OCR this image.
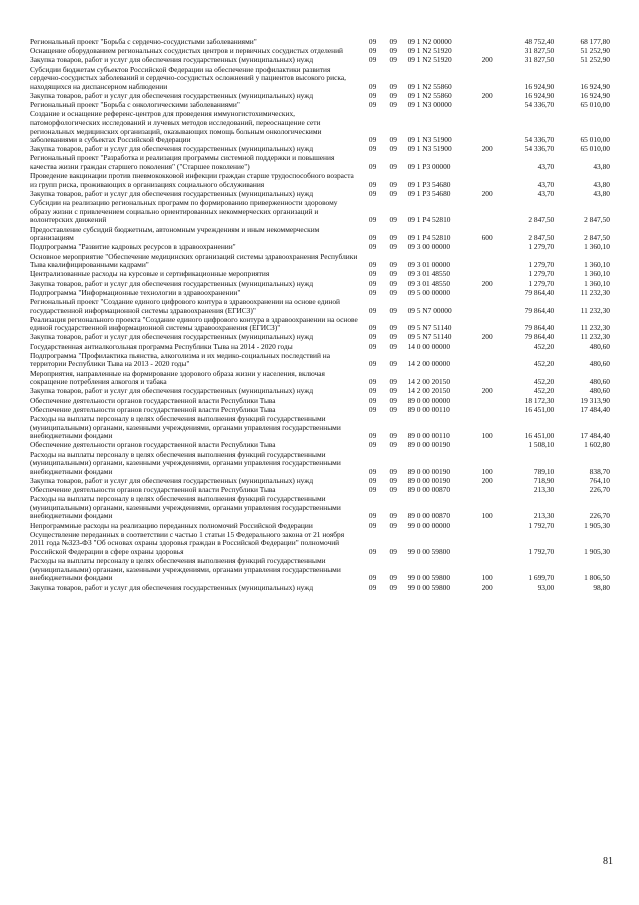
Региональный проект "Борьба с сердечно-сосудистыми заболеваниями"	09	09	09 1 N2 00000		48 752,40	68 177,80
Оснащение оборудованием региональных сосудистых центров и первичных сосудистых отделений	09	09	09 1 N2 51920		31 827,50	51 252,90
Закупка товаров, работ и услуг для обеспечения государственных (муниципальных) нужд	09	09	09 1 N2 51920	200	31 827,50	51 252,90
Субсидии бюджетам субъектов Российской Федерации на обеспечение профилактики развития сердечно-сосудистых заболеваний и сердечно-сосудистых осложнений у пациентов высокого риска, находящихся на диспансерном наблюдении	09	09	09 1 N2 55860		16 924,90	16 924,90
Закупка товаров, работ и услуг для обеспечения государственных (муниципальных) нужд	09	09	09 1 N2 55860	200	16 924,90	16 924,90
Региональный проект "Борьба с онкологическими заболеваниями"	09	09	09 1 N3 00000		54 336,70	65 010,00
Создание и оснащение референс-центров для проведения иммуногистохимических, патоморфологических исследований и лучевых методов исследований, переоснащение сети региональных медицинских организаций, оказывающих помощь больным онкологическими заболеваниями в субъектах Российской Федерации	09	09	09 1 N3 51900		54 336,70	65 010,00
Закупка товаров, работ и услуг для обеспечения государственных (муниципальных) нужд	09	09	09 1 N3 51900	200	54 336,70	65 010,00
Региональный проект "Разработка и реализация программы системной поддержки и повышения качества жизни граждан старшего поколения" ("Старшее поколение")	09	09	09 1 P3 00000		43,70	43,80
Проведение вакцинации против пневмококковой инфекции граждан старше трудоспособного возраста из групп риска, проживающих в организациях социального обслуживания	09	09	09 1 P3 54680		43,70	43,80
Закупка товаров, работ и услуг для обеспечения государственных (муниципальных) нужд	09	09	09 1 P3 54680	200	43,70	43,80
Субсидии на реализацию региональных программ по формированию приверженности здоровому образу жизни с привлечением социально ориентированных некоммерческих организаций и волонтерских движений	09	09	09 1 P4 52810		2 847,50	2 847,50
Предоставление субсидий бюджетным, автономным учреждениям и иным некоммерческим организациям	09	09	09 1 P4 52810	600	2 847,50	2 847,50
Подпрограмма "Развитие кадровых ресурсов в здравоохранении"	09	09	09 3 00 00000		1 279,70	1 360,10
Основное мероприятие "Обеспечение медицинских организаций системы здравоохранения Республики Тыва квалифицированными кадрами"	09	09	09 3 01 00000		1 279,70	1 360,10
Централизованные расходы на курсовые и сертификационные мероприятия	09	09	09 3 01 48550		1 279,70	1 360,10
Закупка товаров, работ и услуг для обеспечения государственных (муниципальных) нужд	09	09	09 3 01 48550	200	1 279,70	1 360,10
Подпрограмма "Информационные технологии в здравоохранении"	09	09	09 5 00 00000		79 864,40	11 232,30
Региональный проект "Создание единого цифрового контура в здравоохранении на основе единой государственной информационной системы здравоохранения (ЕГИСЗ)"	09	09	09 5 N7 00000		79 864,40	11 232,30
Реализация регионального проекта "Создание единого цифрового контура в здравоохранении на основе единой государственной информационной системы здравоохранения (ЕГИСЗ)"	09	09	09 5 N7 51140		79 864,40	11 232,30
Закупка товаров, работ и услуг для обеспечения государственных (муниципальных) нужд	09	09	09 5 N7 51140	200	79 864,40	11 232,30
Государственная антиалкогольная программа Республики Тыва на 2014 - 2020 годы	09	09	14 0 00 00000		452,20	480,60
Подпрограмма "Профилактика пьянства, алкоголизма и их медико-социальных последствий на территории Республики Тыва на 2013 - 2020 годы"	09	09	14 2 00 00000		452,20	480,60
Мероприятия, направленные на формирование здорового образа жизни у населения, включая сокращение потребления алкоголя и табака	09	09	14 2 00 20150		452,20	480,60
Закупка товаров, работ и услуг для обеспечения государственных (муниципальных) нужд	09	09	14 2 00 20150	200	452,20	480,60
Обеспечение деятельности органов государственной власти Республики Тыва	09	09	89 0 00 00000		18 172,30	19 313,90
Обеспечение деятельности органов государственной власти Республики Тыва	09	09	89 0 00 00110		16 451,00	17 484,40
Расходы на выплаты персоналу в целях обеспечения выполнения функций государственными (муниципальными) органами, казенными учреждениями, органами управления государственными внебюджетными фондами	09	09	89 0 00 00110	100	16 451,00	17 484,40
Обеспечение деятельности органов государственной власти Республики Тыва	09	09	89 0 00 00190		1 508,10	1 602,80
Расходы на выплаты персоналу в целях обеспечения выполнения функций государственными (муниципальными) органами, казенными учреждениями, органами управления государственными внебюджетными фондами	09	09	89 0 00 00190	100	789,10	838,70
Закупка товаров, работ и услуг для обеспечения государственных (муниципальных) нужд	09	09	89 0 00 00190	200	718,90	764,10
Обеспечение деятельности органов государственной власти Республики Тыва	09	09	89 0 00 00870		213,30	226,70
Расходы на выплаты персоналу в целях обеспечения выполнения функций государственными (муниципальными) органами, казенными учреждениями, органами управления государственными внебюджетными фондами	09	09	89 0 00 00870	100	213,30	226,70
Непрограммные расходы на реализацию переданных полномочий Российской Федерации	09	09	99 0 00 00000		1 792,70	1 905,30
Осуществление переданных в соответствии с частью 1 статьи 15 Федерального закона от 21 ноября 2011 года №323-ФЗ "Об основах охраны здоровья граждан в Российской Федерации" полномочий Российской Федерации в сфере охраны здоровья	09	09	99 0 00 59800		1 792,70	1 905,30
Расходы на выплаты персоналу в целях обеспечения выполнения функций государственными (муниципальными) органами, казенными учреждениями, органами управления государственными внебюджетными фондами	09	09	99 0 00 59800	100	1 699,70	1 806,50
Закупка товаров, работ и услуг для обеспечения государственных (муниципальных) нужд	09	09	99 0 00 59800	200	93,00	98,80
81
